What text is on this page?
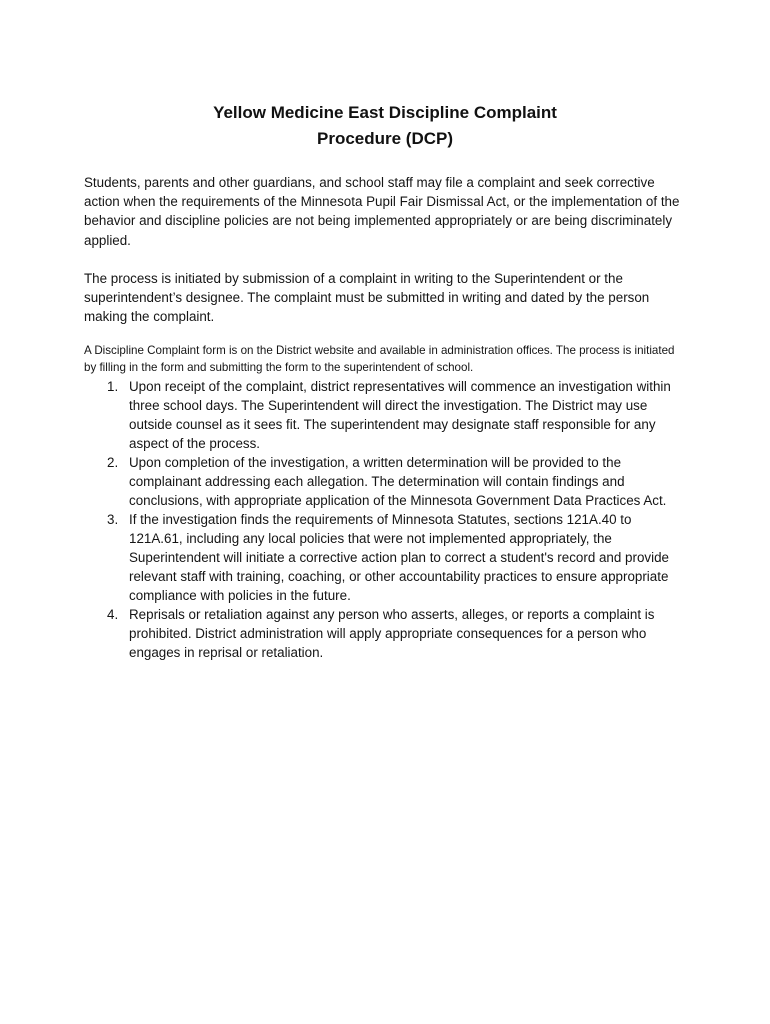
Yellow Medicine East Discipline Complaint
Procedure (DCP)

Students, parents and other guardians, and school staff may file a complaint and seek corrective action when the requirements of the Minnesota Pupil Fair Dismissal Act, or the implementation of the behavior and discipline policies are not being implemented appropriately or are being discriminately applied.

The process is initiated by submission of a complaint in writing to the Superintendent or the superintendent’s designee. The complaint must be submitted in writing and dated by the person making the complaint.

A Discipline Complaint form is on the District website and available in administration offices. The process is initiated by filling in the form and submitting the form to the superintendent of school.

1. Upon receipt of the complaint, district representatives will commence an investigation within three school days. The Superintendent will direct the investigation. The District may use outside counsel as it sees fit. The superintendent may designate staff responsible for any aspect of the process.
2. Upon completion of the investigation, a written determination will be provided to the complainant addressing each allegation. The determination will contain findings and conclusions, with appropriate application of the Minnesota Government Data Practices Act.
3. If the investigation finds the requirements of Minnesota Statutes, sections 121A.40 to 121A.61, including any local policies that were not implemented appropriately, the Superintendent will initiate a corrective action plan to correct a student's record and provide relevant staff with training, coaching, or other accountability practices to ensure appropriate compliance with policies in the future.
4. Reprisals or retaliation against any person who asserts, alleges, or reports a complaint is prohibited. District administration will apply appropriate consequences for a person who engages in reprisal or retaliation.
